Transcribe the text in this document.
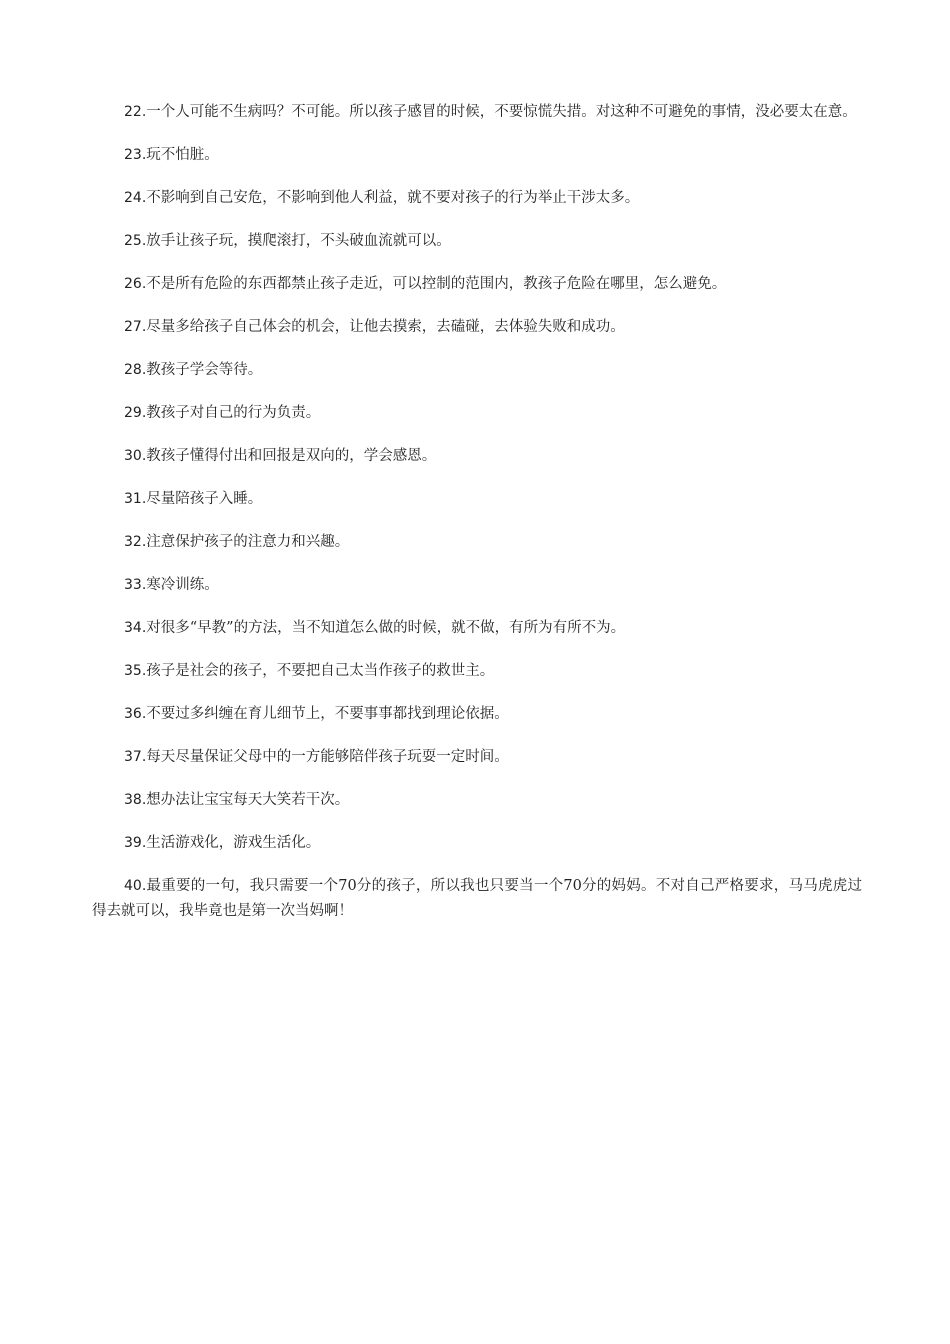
22.一个人可能不生病吗？不可能。所以孩子感冒的时候，不要惊慌失措。对这种不可避免的事情，没必要太在意。

23.玩不怕脏。

24.不影响到自己安危，不影响到他人利益，就不要对孩子的行为举止干涉太多。

25.放手让孩子玩，摸爬滚打，不头破血流就可以。

26.不是所有危险的东西都禁止孩子走近，可以控制的范围内，教孩子危险在哪里，怎么避免。

27.尽量多给孩子自己体会的机会，让他去摸索，去磕碰，去体验失败和成功。

28.教孩子学会等待。

29.教孩子对自己的行为负责。

30.教孩子懂得付出和回报是双向的，学会感恩。

31.尽量陪孩子入睡。

32.注意保护孩子的注意力和兴趣。

33.寒冷训练。

34.对很多“早教”的方法，当不知道怎么做的时候，就不做，有所为有所不为。

35.孩子是社会的孩子，不要把自己太当作孩子的救世主。

36.不要过多纠缠在育儿细节上，不要事事都找到理论依据。

37.每天尽量保证父母中的一方能够陪伴孩子玩耍一定时间。

38.想办法让宝宝每天大笑若干次。

39.生活游戏化，游戏生活化。

40.最重要的一句，我只需要一个70分的孩子，所以我也只要当一个70分的妈妈。不对自己严格要求，马马虎虎过得去就可以，我毕竟也是第一次当妈啊！
